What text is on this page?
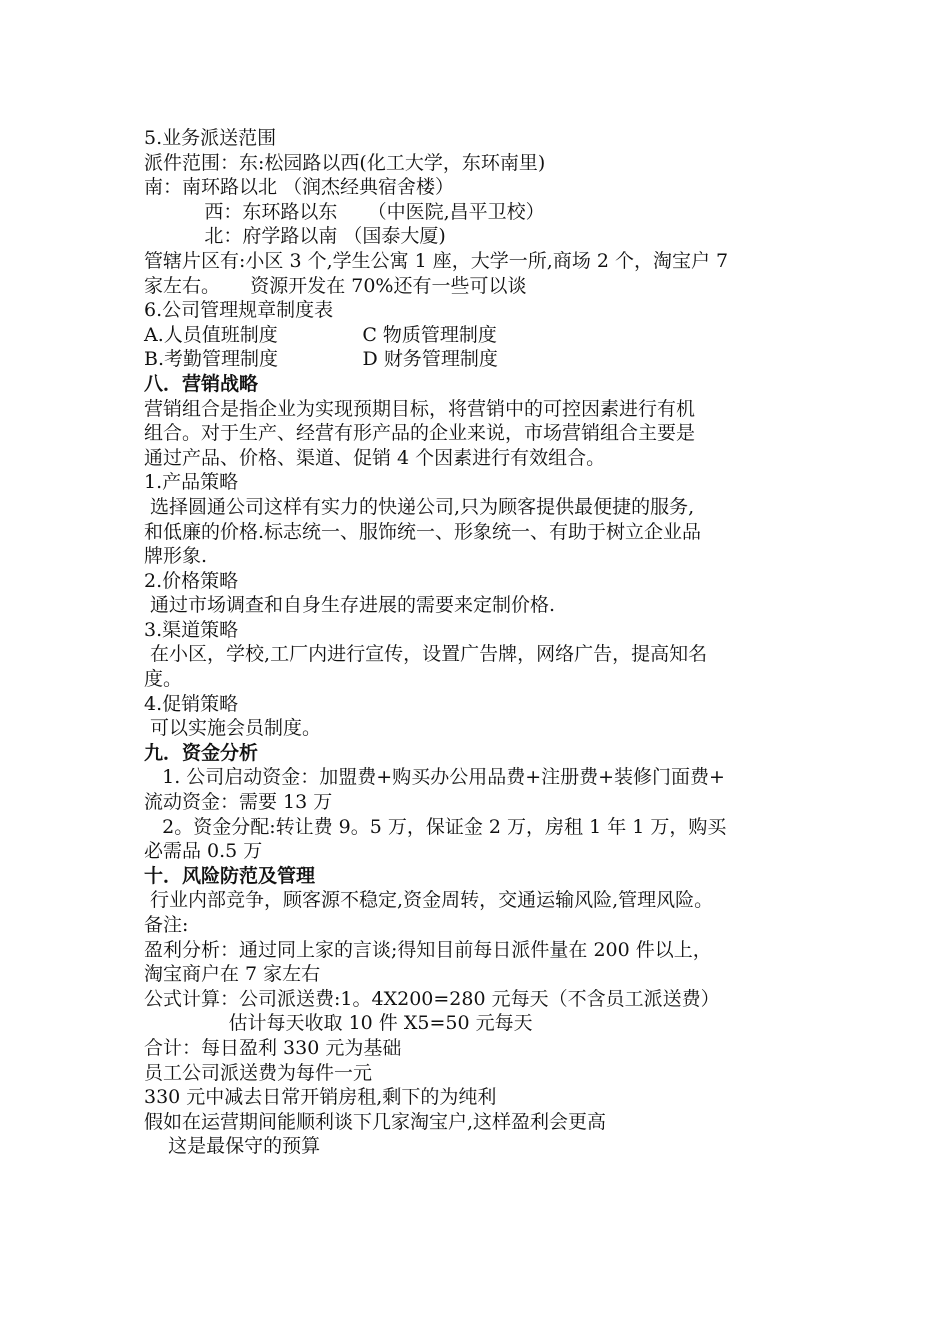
5.业务派送范围
派件范围：东:松园路以西(化工大学，东环南里)
南：南环路以北 （润杰经典宿舍楼）
西：东环路以东     （中医院,昌平卫校）
北：府学路以南 （国泰大厦)
管辖片区有:小区 3 个,学生公寓 1 座，大学一所,商场 2 个，淘宝户 7
家左右。     资源开发在 70%还有一些可以谈
6.公司管理规章制度表
A.人员值班制度              C 物质管理制度
B.考勤管理制度              D 财务管理制度
八．营销战略
营销组合是指企业为实现预期目标，将营销中的可控因素进行有机
组合。对于生产、经营有形产品的企业来说，市场营销组合主要是
通过产品、价格、渠道、促销 4 个因素进行有效组合。
1.产品策略
选择圆通公司这样有实力的快递公司,只为顾客提供最便捷的服务,
和低廉的价格.标志统一、服饰统一、形象统一、有助于树立企业品
牌形象.
2.价格策略
通过市场调查和自身生存进展的需要来定制价格.
3.渠道策略
在小区，学校,工厂内进行宣传，设置广告牌，网络广告，提高知名
度。
4.促销策略
可以实施会员制度。
九．资金分析
1. 公司启动资金：加盟费+购买办公用品费+注册费+装修门面费+
流动资金：需要 13 万
2。资金分配:转让费 9。5 万，保证金 2 万，房租 1 年 1 万，购买
必需品 0.5 万
十．风险防范及管理
行业内部竞争，顾客源不稳定,资金周转，交通运输风险,管理风险。
备注:
盈利分析：通过同上家的言谈;得知目前每日派件量在 200 件以上，
淘宝商户在 7 家左右
公式计算：公司派送费:1。4X200=280 元每天（不含员工派送费）
估计每天收取 10 件 X5=50 元每天
合计：每日盈利 330 元为基础
员工公司派送费为每件一元
330 元中减去日常开销房租,剩下的为纯利
假如在运营期间能顺利谈下几家淘宝户,这样盈利会更高
这是最保守的预算
